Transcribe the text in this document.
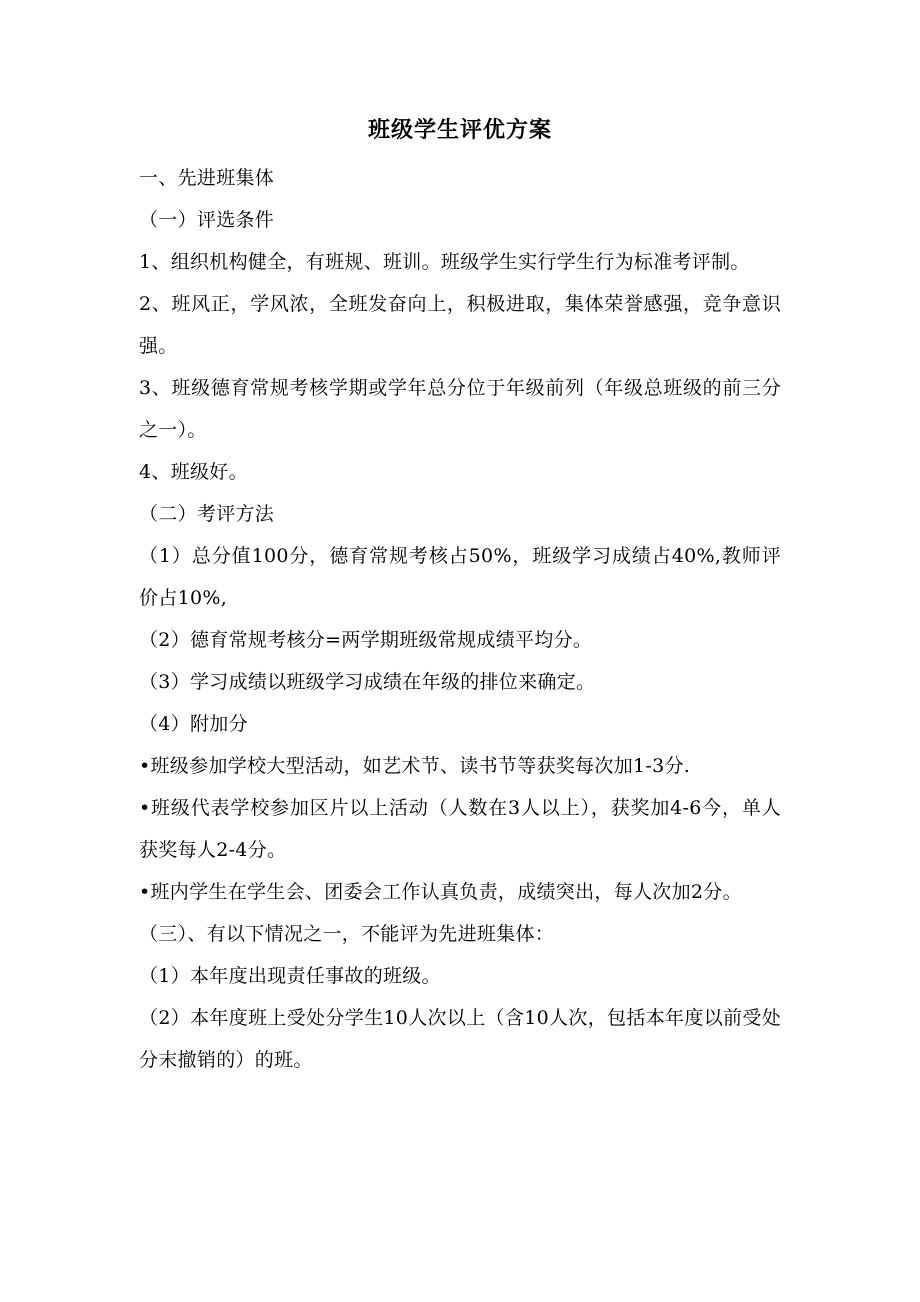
班级学生评优方案

一、先进班集体

（一）评选条件

1、组织机构健全，有班规、班训。班级学生实行学生行为标准考评制。

2、班风正，学风浓，全班发奋向上，积极进取，集体荣誉感强，竞争意识强。

3、班级德育常规考核学期或学年总分位于年级前列（年级总班级的前三分之一）。

4、班级好。

（二）考评方法

（1）总分值100分，德育常规考核占50%，班级学习成绩占40%,教师评价占10%,

（2）德育常规考核分=两学期班级常规成绩平均分。

（3）学习成绩以班级学习成绩在年级的排位来确定。

（4）附加分

•班级参加学校大型活动，如艺术节、读书节等获奖每次加1-3分.

•班级代表学校参加区片以上活动（人数在3人以上），获奖加4-6今，单人获奖每人2-4分。

•班内学生在学生会、团委会工作认真负责，成绩突出，每人次加2分。

（三）、有以下情况之一，不能评为先进班集体：

（1）本年度出现责任事故的班级。

（2）本年度班上受处分学生10人次以上（含10人次，包括本年度以前受处分末撤销的）的班。
